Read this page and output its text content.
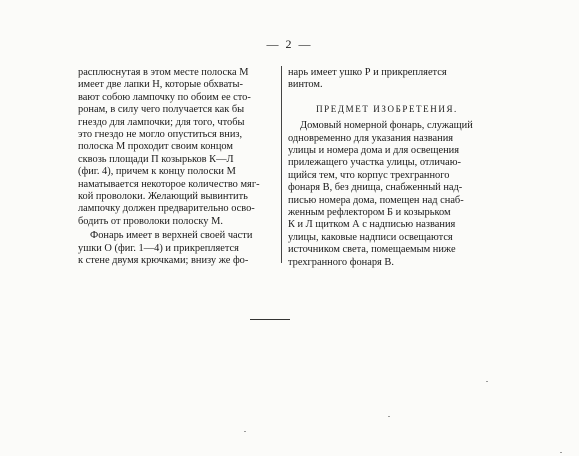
— 2 —

расплюснутая в этом месте полоска М
имеет две лапки Н, которые обхваты-
вают собою лампочку по обоим ее сто-
ронам, в силу чего получается как бы
гнездо для лампочки; для того, чтобы
это гнездо не могло опуститься вниз,
полоска М проходит своим концом
сквозь площади П козырьков К—Л
(фиг. 4), причем к концу полоски М
наматывается некоторое количество мяг-
кой проволоки. Желающий вывинтить
лампочку должен предварительно осво-
бодить от проволоки полоску М.

Фонарь имеет в верхней своей части
ушки О (фиг. 1—4) и прикрепляется
к стене двумя крючками; внизу же фо-

нарь имеет ушко Р и прикрепляется
винтом.

ПРЕДМЕТ ИЗОБРЕТЕНИЯ.

Домовый номерной фонарь, служащий
одновременно для указания названия
улицы и номера дома и для освещения
прилежащего участка улицы, отличаю-
щийся тем, что корпус трехгранного
фонаря В, без днища, снабженный над-
писью номера дома, помещен над снаб-
женным рефлектором Б и козырьком
К и Л щитком А с надписью названия
улицы, каковые надписи освещаются
источником света, помещаемым ниже
трехгранного фонаря В.
